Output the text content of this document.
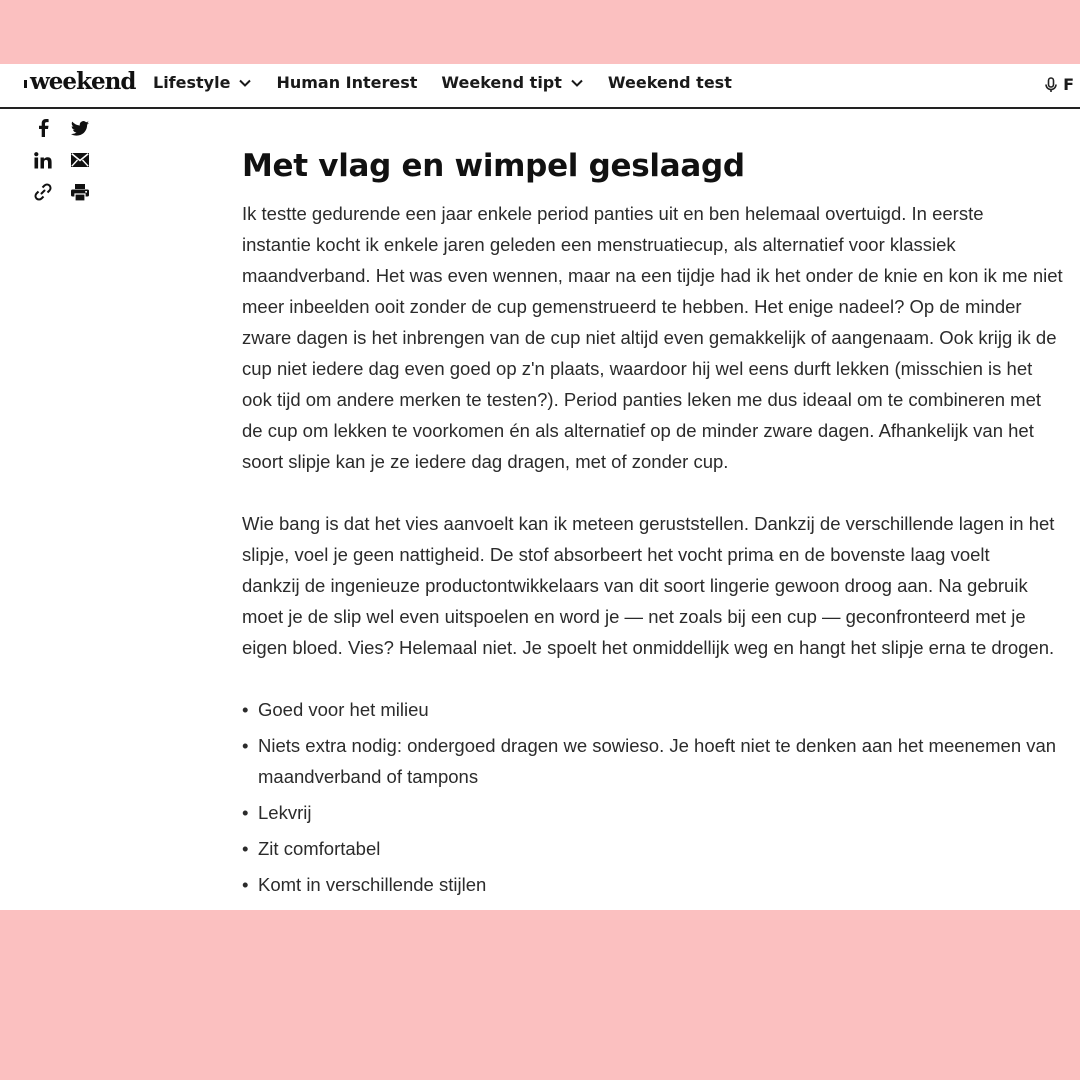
weekend Lifestyle	Human Interest Weekend tipt	Weekend test	F
Met vlag en wimpel geslaagd
Ik testte gedurende een jaar enkele period panties uit en ben helemaal overtuigd. In eerste
instantie kocht ik enkele jaren geleden een menstruatiecup, als alternatief voor klassiek
maandverband. Het was even wennen, maar na een tijdje had ik het onder de knie en kon ik me niet
meer inbeelden ooit zonder de cup gemenstrueerd te hebben. Het enige nadeel? Op de minder
zware dagen is het inbrengen van de cup niet altijd even gemakkelijk of aangenaam. Ook krijg ik de
cup niet iedere dag even goed op z'n plaats, waardoor hij wel eens durft lekken (misschien is het
ook tijd om andere merken te testen?). Period panties leken me dus ideaal om te combineren met
de cup om lekken te voorkomen én als alternatief op de minder zware dagen. Afhankelijk van het
soort slipje kan je ze iedere dag dragen, met of zonder cup.
Wie bang is dat het vies aanvoelt kan ik meteen geruststellen. Dankzij de verschillende lagen in het
slipje, voel je geen nattigheid. De stof absorbeert het vocht prima en de bovenste laag voelt
dankzij de ingenieuze productontwikkelaars van dit soort lingerie gewoon droog aan. Na gebruik
moet je de slip wel even uitspoelen en word je — net zoals bij een cup — geconfronteerd met je
eigen bloed. Vies? Helemaal niet. Je spoelt het onmiddellijk weg en hangt het slipje erna te drogen.
• Goed voor het milieu
• Niets extra nodig: ondergoed dragen we sowieso. Je hoeft niet te denken aan het meenemen van
maandverband of tampons
• Lekvrij
• Zit comfortabel
• Komt in verschillende stijlen
